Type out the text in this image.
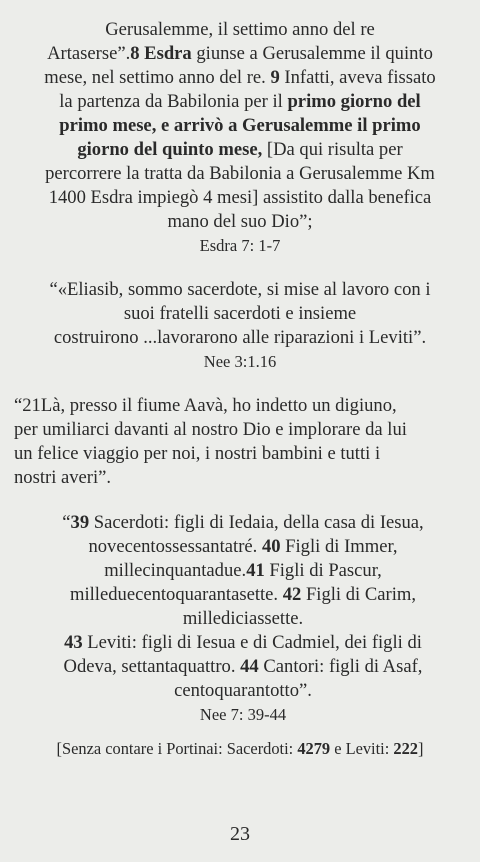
Gerusalemme, il settimo anno del re
Artaserse”.8 Esdra giunse a Gerusalemme il quinto
mese, nel settimo anno del re. 9 Infatti, aveva fissato
la partenza da Babilonia per il primo giorno del
primo mese, e arrivò a Gerusalemme il primo
giorno del quinto mese, [Da qui risulta per
percorrere la tratta da Babilonia a Gerusalemme Km
1400 Esdra impiegò 4 mesi] assistito dalla benefica
mano del suo Dio”;
Esdra 7: 1-7
“«Eliasib, sommo sacerdote, si mise al lavoro con i
suoi fratelli sacerdoti e insieme
costruirono ...lavorarono alle riparazioni i Leviti”.
Nee 3:1.16
“21Là, presso il fiume Aavà, ho indetto un digiuno,
per umiliarci davanti al nostro Dio e implorare da lui
un felice viaggio per noi, i nostri bambini e tutti i
nostri averi”.
“39 Sacerdoti: figli di Iedaia, della casa di Iesua,
novecentossessantatré. 40 Figli di Immer,
millecinquantadue.41 Figli di Pascur,
milleduecentoquarantasette. 42 Figli di Carim,
millediciassette.
43 Leviti: figli di Iesua e di Cadmiel, dei figli di
Odeva, settantaquattro. 44 Cantori: figli di Asaf,
centoquarantotto”.
Nee 7: 39-44
[Senza contare i Portinai: Sacerdoti: 4279 e Leviti: 222]
23
